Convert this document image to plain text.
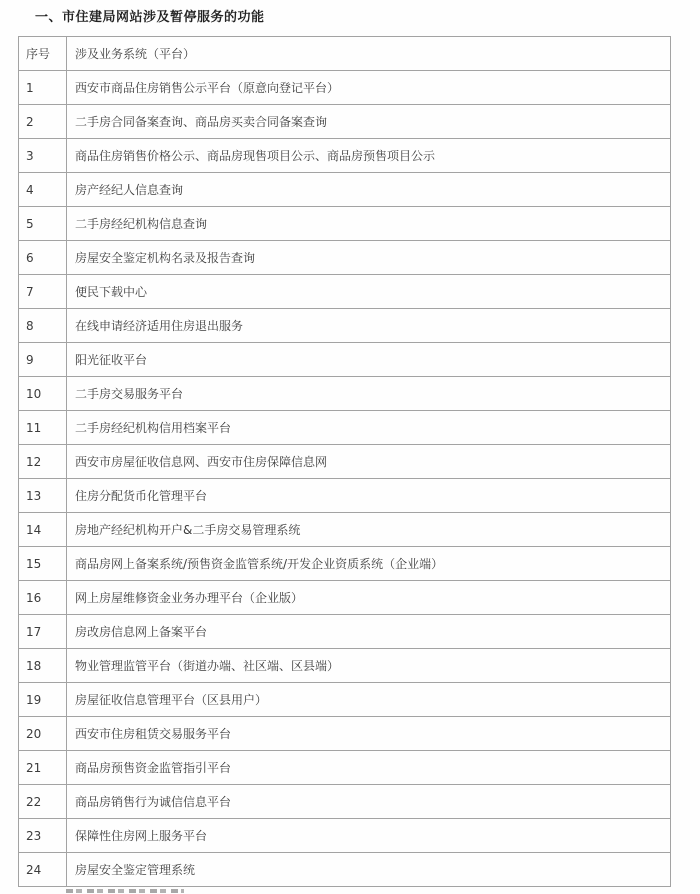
一、市住建局网站涉及暂停服务的功能
序号	涉及业务系统（平台）
1	西安市商品住房销售公示平台（原意向登记平台）
2	二手房合同备案查询、商品房买卖合同备案查询
3	商品住房销售价格公示、商品房现售项目公示、商品房预售项目公示
4	房产经纪人信息查询
5	二手房经纪机构信息查询
6	房屋安全鉴定机构名录及报告查询
7	便民下载中心
8	在线申请经济适用住房退出服务
9	阳光征收平台
10	二手房交易服务平台
11	二手房经纪机构信用档案平台
12	西安市房屋征收信息网、西安市住房保障信息网
13	住房分配货币化管理平台
14	房地产经纪机构开户&二手房交易管理系统
15	商品房网上备案系统/预售资金监管系统/开发企业资质系统（企业端）
16	网上房屋维修资金业务办理平台（企业版）
17	房改房信息网上备案平台
18	物业管理监管平台（街道办端、社区端、区县端）
19	房屋征收信息管理平台（区县用户）
20	西安市住房租赁交易服务平台
21	商品房预售资金监管指引平台
22	商品房销售行为诚信信息平台
23	保障性住房网上服务平台
24	房屋安全鉴定管理系统
